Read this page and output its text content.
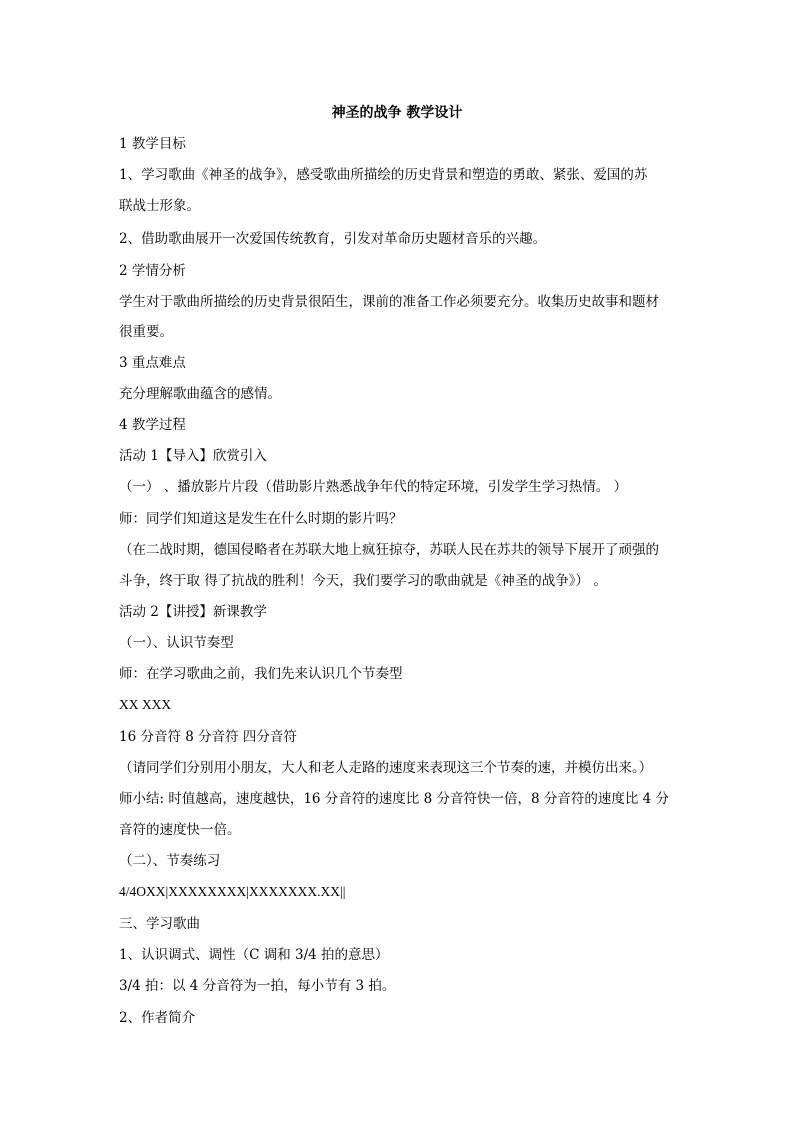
神圣的战争 教学设计
1 教学目标
1、学习歌曲《神圣的战争》，感受歌曲所描绘的历史背景和塑造的勇敢、紧张、爱国的苏
联战士形象。
2、借助歌曲展开一次爱国传统教育，引发对革命历史题材音乐的兴趣。
2 学情分析
学生对于歌曲所描绘的历史背景很陌生，课前的准备工作必须要充分。收集历史故事和题材
很重要。
3 重点难点
充分理解歌曲蕴含的感情。
4 教学过程
活动 1【导入】欣赏引入
（一） 、播放影片片段（借助影片熟悉战争年代的特定环境，引发学生学习热情。 ）
师：同学们知道这是发生在什么时期的影片吗？
（在二战时期，德国侵略者在苏联大地上疯狂掠夺，苏联人民在苏共的领导下展开了顽强的
斗争，终于取 得了抗战的胜利！今天，我们要学习的歌曲就是《神圣的战争》） 。
活动 2【讲授】新课教学
（一）、认识节奏型
师：在学习歌曲之前，我们先来认识几个节奏型
XX XXX
16 分音符 8 分音符 四分音符
（请同学们分别用小朋友，大人和老人走路的速度来表现这三个节奏的速，并模仿出来。）
师小结: 时值越高，速度越快，16 分音符的速度比 8 分音符快一倍，8 分音符的速度比 4 分
音符的速度快一倍。
（二）、节奏练习
4/4OXX|XXXXXXXX|XXXXXXX.XX||
三、学习歌曲
1、认识调式、调性（C 调和 3/4 拍的意思）
3/4 拍：以 4 分音符为一拍，每小节有 3 拍。
2、作者简介
